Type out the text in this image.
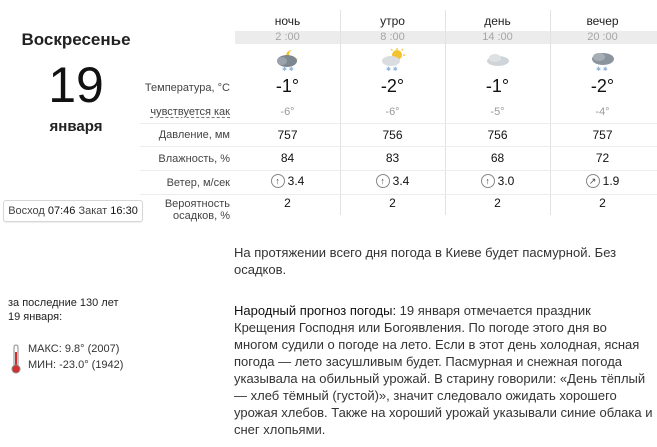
Воскресенье
19
января
Восход 07:46 Закат 16:30
ночь	утро	день	вечер
2 :00	8 :00	14 :00	20 :00
✱ ✱	✱ ✱	✱ ✱
Температура, °C	-1°	-2°	-1°	-2°
чувствуется как	-6°	-6°	-5°	-4°
Давление, мм	757	756	756	757
Влажность, %	84	83	68	72
Ветер, м/сек	↑ 3.4	↑ 3.4	↑ 3.0	↗ 1.9
Вероятность
осадков, %
2	2	2	2
На протяжении всего дня погода в Киеве будет пасмурной. Без осадков.
Народный прогноз погоды: 19 января отмечается праздник Крещения Господня или Богоявления. По погоде этого дня во многом судили о погоде на лето. Если в этот день холодная, ясная погода — лето засушливым будет. Пасмурная и снежная погода указывала на обильный урожай. В старину говорили: «День тёплый — хлеб тёмный (густой)», значит следовало ожидать хорошего урожая хлебов. Также на хороший урожай указывали синие облака и снег хлопьями.
за последние 130 лет
19 января:
МАКС: 9.8° (2007)
МИН: -23.0° (1942)
